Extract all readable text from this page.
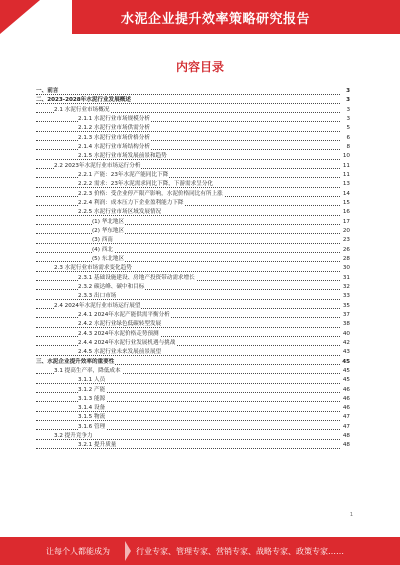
水泥企业提升效率策略研究报告
内容目录
一、前言	3
二、2023-2028年水泥行业发展概述	3
2.1 水泥行业市场概况	3
2.1.1 水泥行业市场规模分析	3
2.1.2 水泥行业市场供需分析	5
2.1.3 水泥行业市场价格分析	6
2.1.4 水泥行业市场结构分析	8
2.1.5 水泥行业市场发展前景和趋势	10
2.2 2023年水泥行业市场运行分析	11
2.2.1 产能：23年水泥产能同比下降	11
2.2.2 需求：23年水泥需求同比下降，下游需求呈分化	13
2.2.3 价格：受企业停产限产影响，水泥价格同比有所上涨	14
2.2.4 利润：成本压力下企业盈利能力下降	15
2.2.5 水泥行业市场区域发展情况	16
(1) 华北地区	17
(2) 华东地区	20
(3) 西南	23
(4) 西北	26
(5) 东北地区	28
2.3 水泥行业市场需求变化趋势	30
2.3.1 基础设施建设、房地产投资带动需求增长	31
2.3.2 碳达峰、碳中和目标	32
2.3.3 出口市场	33
2.4 2024年水泥行业市场运行展望	35
2.4.1 2024年水泥产能供需平衡分析	37
2.4.2 水泥行业绿色低碳转型发展	38
2.4.3 2024年水泥价格走势预测	40
2.4.4 2024年水泥行业发展机遇与挑战	42
2.4.5 水泥行业未来发展前景展望	43
三、水泥企业提升效率的重要性	45
3.1 提高生产率，降低成本	45
3.1.1 人员	45
3.1.2 产能	46
3.1.3 能源	46
3.1.4 设备	46
3.1.5 物流	47
3.1.6 管理	47
3.2 提升竞争力	48
3.2.1 提升质量	48
1
让每个人都能成为	行业专家、管理专家、营销专家、战略专家、政策专家……
